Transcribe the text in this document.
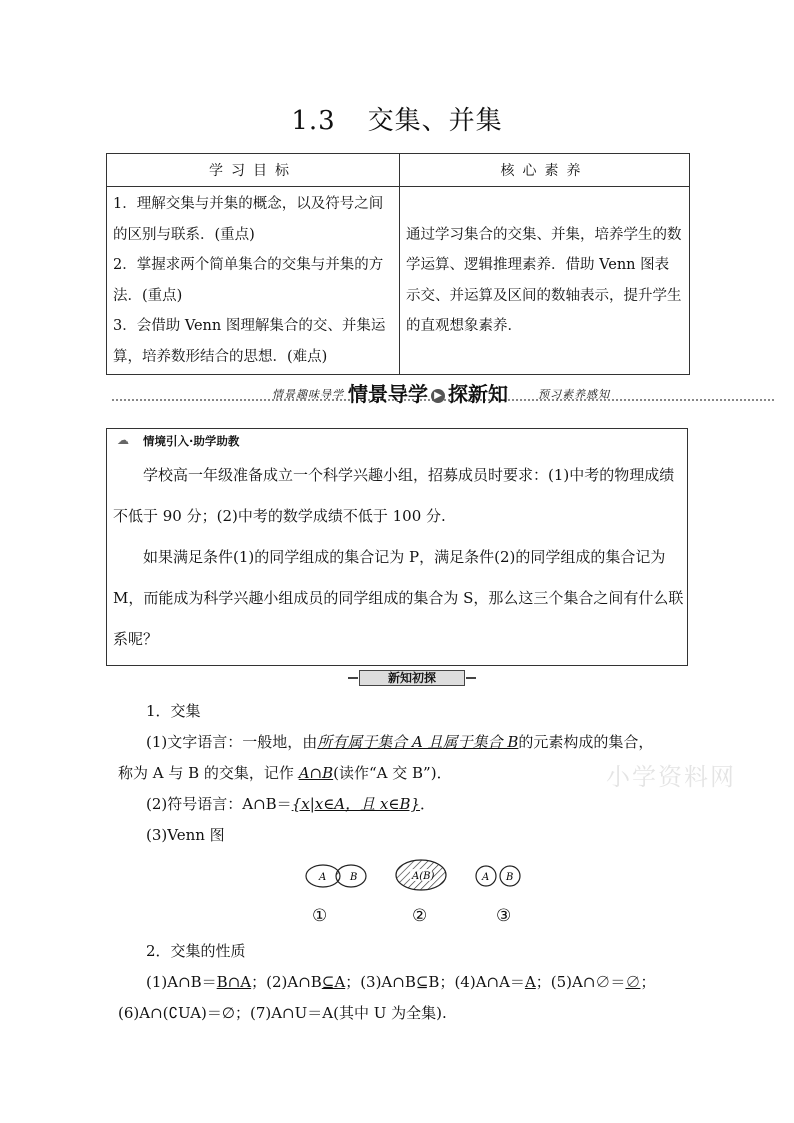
1.3 交集、并集
学习目标	核心素养

1．理解交集与并集的概念，以及符号之间的区别与联系．(重点)
2．掌握求两个简单集合的交集与并集的方法．(重点)
3．会借助 Venn 图理解集合的交、并集运算，培养数形结合的思想．(难点)	通过学习集合的交集、并集，培养学生的数学运算、逻辑推理素养．借助 Venn 图表示交、并运算及区间的数轴表示，提升学生的直观想象素养．
情景趣味导学 情景导学 ▶ 探新知	预习素养感知
☁ 情境引入·助学助教

学校高一年级准备成立一个科学兴趣小组，招募成员时要求：(1)中考的物理成绩不低于 90 分；(2)中考的数学成绩不低于 100 分.

如果满足条件(1)的同学组成的集合记为 P，满足条件(2)的同学组成的集合记为 M，而能成为科学兴趣小组成员的同学组成的集合为 S，那么这三个集合之间有什么联系呢？

新知初探
1．交集
(1)文字语言：一般地，由所有属于集合 A 且属于集合 B的元素构成的集合，
称为 A 与 B 的交集，记作 A∩B(读作“A 交 B”)．	小学资料网
(2)符号语言：A∩B＝{x|x∈A，且 x∈B}．
(3)Venn 图
A B	A(B)	A B
①	②	③
2．交集的性质
(1)A∩B＝B∩A；(2)A∩B⊆A；(3)A∩B⊆B；(4)A∩A＝A；(5)A∩∅＝∅；
(6)A∩(∁UA)＝∅；(7)A∩U＝A(其中 U 为全集).
